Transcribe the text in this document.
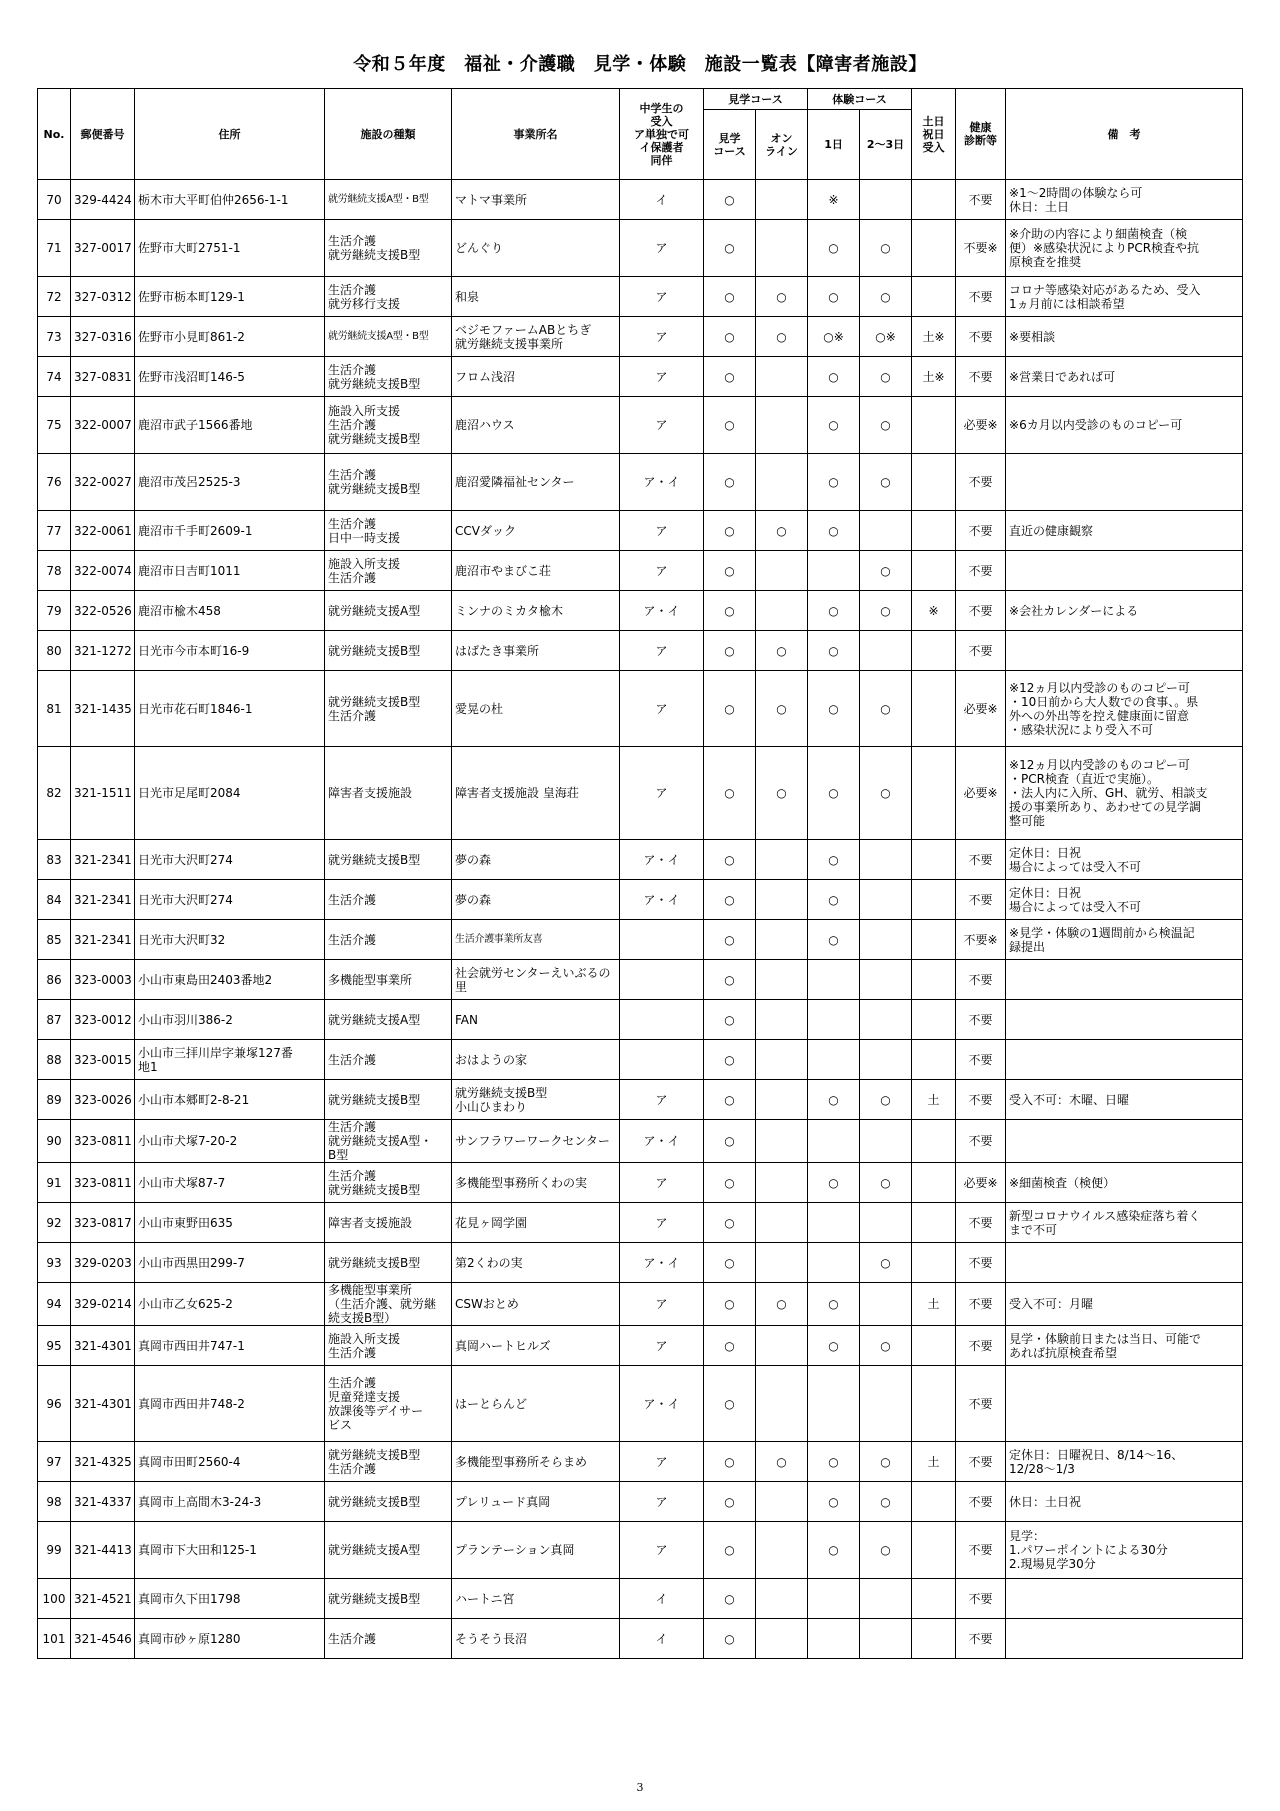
令和５年度　福祉・介護職　見学・体験　施設一覧表【障害者施設】
No.	郵便番号	住所	施設の種類	事業所名	中学生の
受入
ア単独で可
イ保護者
同伴	見学コース		体験コース		土日
祝日
受入	健康
診断等	備　考

						見学
コース	オン
ライン	1日	2～3日			
70	329-4424	栃木市大平町伯仲2656-1-1	就労継続支援A型・B型	マトマ事業所	イ	○		※			不要	※1～2時間の体験なら可
休日：土日

71	327-0017	佐野市大町2751-1	生活介護
就労継続支援B型	どんぐり	ア	○		○	○		不要※	※介助の内容により細菌検査（検
便）※感染状況によりPCR検査や抗
原検査を推奨

72	327-0312	佐野市栃本町129-1	生活介護
就労移行支援	和泉	ア	○	○	○	○		不要	コロナ等感染対応があるため、受入
1ヵ月前には相談希望

73	327-0316	佐野市小見町861-2	就労継続支援A型・B型	ベジモファームABとちぎ
就労継続支援事業所	ア	○	○	○※	○※	土※	不要	※要相談

74	327-0831	佐野市浅沼町146-5	生活介護
就労継続支援B型	フロム浅沼	ア	○		○	○	土※	不要	※営業日であれば可

75	322-0007	鹿沼市武子1566番地	施設入所支援
生活介護
就労継続支援B型	鹿沼ハウス	ア	○		○	○		必要※	※6カ月以内受診のものコピー可

76	322-0027	鹿沼市茂呂2525-3	生活介護
就労継続支援B型	鹿沼愛隣福祉センター	ア・イ	○		○	○		不要	
77	322-0061	鹿沼市千手町2609-1	生活介護
日中一時支援	CCVダック	ア	○	○	○			不要	直近の健康観察

78	322-0074	鹿沼市日吉町1011	施設入所支援
生活介護	鹿沼市やまびこ荘	ア	○			○		不要	
79	322-0526	鹿沼市楡木458	就労継続支援A型	ミンナのミカタ楡木	ア・イ	○		○	○	※	不要	※会社カレンダーによる

80	321-1272	日光市今市本町16-9	就労継続支援B型	はばたき事業所	ア	○	○	○			不要	
81	321-1435	日光市花石町1846-1	就労継続支援B型
生活介護	愛晃の杜	ア	○	○	○	○		必要※	※12ヵ月以内受診のものコピー可
・10日前から大人数での食事、。県
外への外出等を控え健康面に留意
・感染状況により受入不可

82	321-1511	日光市足尾町2084	障害者支援施設	障害者支援施設 皇海荘	ア	○	○	○	○		必要※	※12ヵ月以内受診のものコピー可
・PCR検査（直近で実施）。
・法人内に入所、GH、就労、相談支
援の事業所あり、あわせての見学調
整可能

83	321-2341	日光市大沢町274	就労継続支援B型	夢の森	ア・イ	○		○			不要	定休日：日祝
場合によっては受入不可

84	321-2341	日光市大沢町274	生活介護	夢の森	ア・イ	○		○			不要	定休日：日祝
場合によっては受入不可

85	321-2341	日光市大沢町32	生活介護	生活介護事業所友喜		○		○			不要※	※見学・体験の1週間前から検温記
録提出

86	323-0003	小山市東島田2403番地2	多機能型事業所	社会就労センターえいぶるの里		○					不要	
87	323-0012	小山市羽川386-2	就労継続支援A型	FAN		○					不要	
88	323-0015	小山市三拝川岸字兼塚127番
地1	生活介護	おはようの家		○					不要	
89	323-0026	小山市本郷町2-8-21	就労継続支援B型	就労継続支援B型
小山ひまわり	ア	○		○	○	土	不要	受入不可：木曜、日曜

90	323-0811	小山市犬塚7-20-2	生活介護
就労継続支援A型・
B型	サンフラワーワークセンター	ア・イ	○					不要	
91	323-0811	小山市犬塚87-7	生活介護
就労継続支援B型	多機能型事務所くわの実	ア	○		○	○		必要※	※細菌検査（検便）

92	323-0817	小山市東野田635	障害者支援施設	花見ヶ岡学園	ア	○					不要	新型コロナウイルス感染症落ち着く
まで不可

93	329-0203	小山市西黒田299-7	就労継続支援B型	第2くわの実	ア・イ	○			○		不要	
94	329-0214	小山市乙女625-2	多機能型事業所
（生活介護、就労継
続支援B型）	CSWおとめ	ア	○	○	○		土	不要	受入不可：月曜

95	321-4301	真岡市西田井747-1	施設入所支援
生活介護	真岡ハートヒルズ	ア	○		○	○		不要	見学・体験前日または当日、可能で
あれば抗原検査希望

96	321-4301	真岡市西田井748-2	生活介護
児童発達支援
放課後等デイサー
ビス	はーとらんど	ア・イ	○					不要	
97	321-4325	真岡市田町2560-4	就労継続支援B型
生活介護	多機能型事務所そらまめ	ア	○	○	○	○	土	不要	定休日：日曜祝日、8/14～16、
12/28～1/3

98	321-4337	真岡市上高間木3-24-3	就労継続支援B型	プレリュード真岡	ア	○		○	○		不要	休日：土日祝

99	321-4413	真岡市下大田和125-1	就労継続支援A型	プランテーション真岡	ア	○		○	○		不要	見学：
1.パワーポイントによる30分
2.現場見学30分

100	321-4521	真岡市久下田1798	就労継続支援B型	ハートニ宮	イ	○					不要	
101	321-4546	真岡市砂ヶ原1280	生活介護	そうそう長沼	イ	○					不要	
3
